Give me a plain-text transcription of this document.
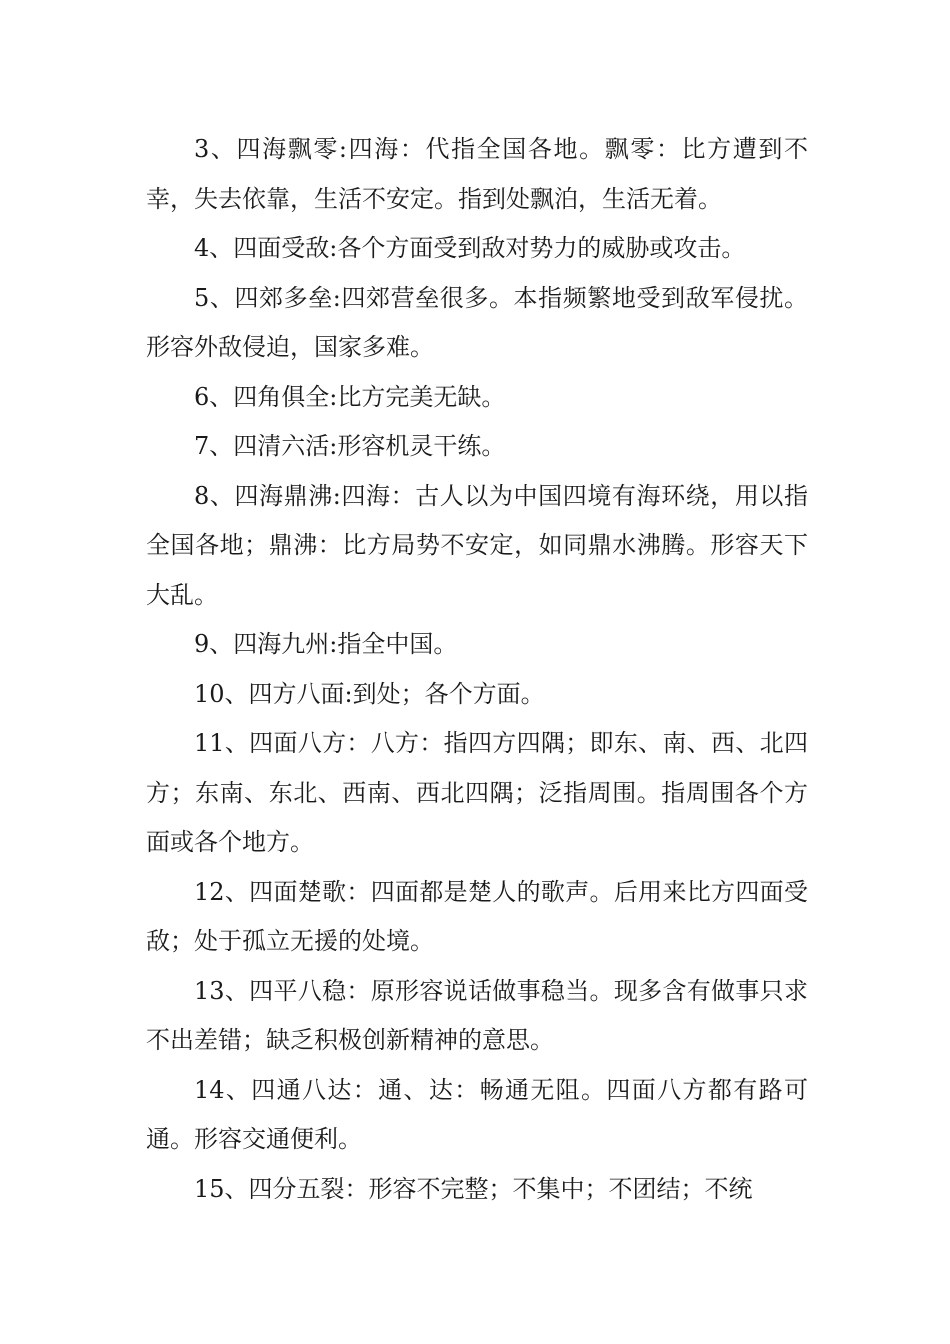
3、四海飘零:四海：代指全国各地。飘零：比方遭到不幸，失去依靠，生活不安定。指到处飘泊，生活无着。

4、四面受敌:各个方面受到敌对势力的威胁或攻击。

5、四郊多垒:四郊营垒很多。本指频繁地受到敌军侵扰。形容外敌侵迫，国家多难。

6、四角俱全:比方完美无缺。

7、四清六活:形容机灵干练。

8、四海鼎沸:四海：古人以为中国四境有海环绕，用以指全国各地；鼎沸：比方局势不安定，如同鼎水沸腾。形容天下大乱。

9、四海九州:指全中国。

10、四方八面:到处；各个方面。

11、四面八方：八方：指四方四隅；即东、南、西、北四方；东南、东北、西南、西北四隅；泛指周围。指周围各个方面或各个地方。

12、四面楚歌：四面都是楚人的歌声。后用来比方四面受敌；处于孤立无援的处境。

13、四平八稳：原形容说话做事稳当。现多含有做事只求不出差错；缺乏积极创新精神的意思。

14、四通八达：通、达：畅通无阻。四面八方都有路可通。形容交通便利。

15、四分五裂：形容不完整；不集中；不团结；不统
